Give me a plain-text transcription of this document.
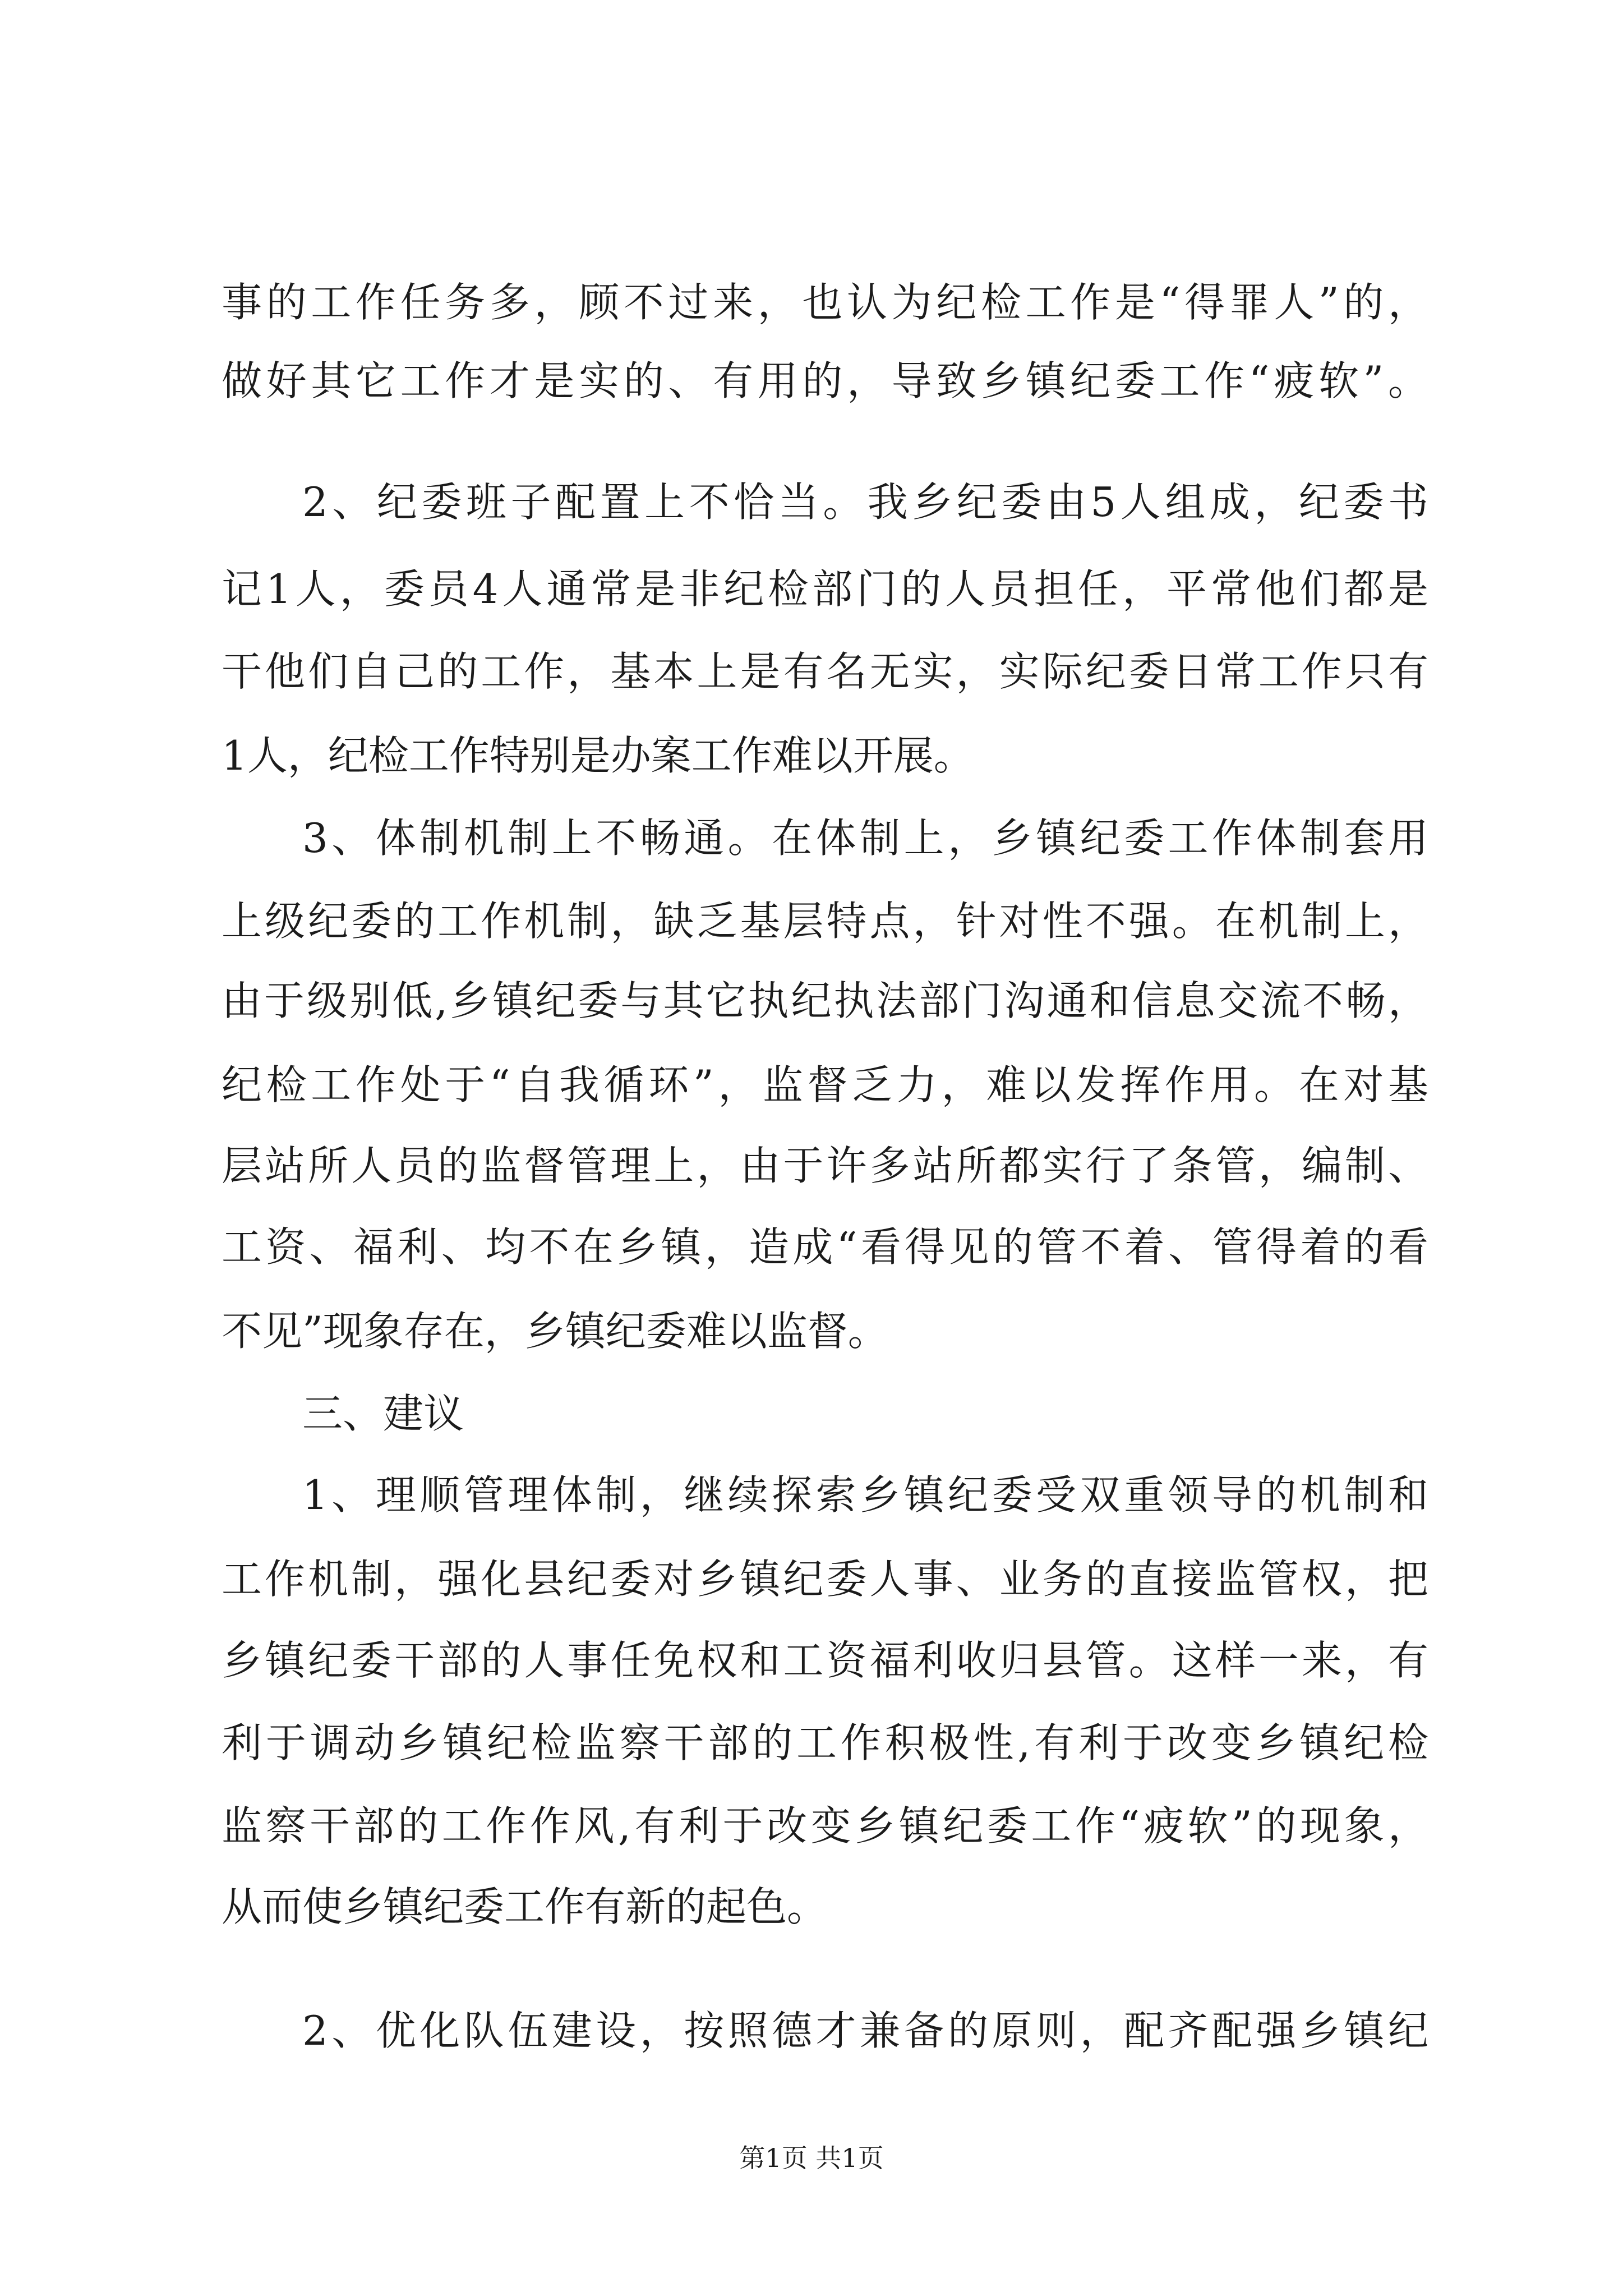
事的工作任务多，顾不过来，也认为纪检工作是“得罪人”的，
做好其它工作才是实的、有用的，导致乡镇纪委工作“疲软”。
2、纪委班子配置上不恰当。我乡纪委由5人组成，纪委书
记1人，委员4人通常是非纪检部门的人员担任，平常他们都是
干他们自己的工作，基本上是有名无实，实际纪委日常工作只有
1人，纪检工作特别是办案工作难以开展。
3、体制机制上不畅通。在体制上，乡镇纪委工作体制套用
上级纪委的工作机制，缺乏基层特点，针对性不强。在机制上，
由于级别低,乡镇纪委与其它执纪执法部门沟通和信息交流不畅，
纪检工作处于“自我循环”，监督乏力，难以发挥作用。在对基
层站所人员的监督管理上，由于许多站所都实行了条管，编制、
工资、福利、均不在乡镇，造成“看得见的管不着、管得着的看
不见”现象存在，乡镇纪委难以监督。
三、建议
1、理顺管理体制，继续探索乡镇纪委受双重领导的机制和
工作机制，强化县纪委对乡镇纪委人事、业务的直接监管权，把
乡镇纪委干部的人事任免权和工资福利收归县管。这样一来，有
利于调动乡镇纪检监察干部的工作积极性,有利于改变乡镇纪检
监察干部的工作作风,有利于改变乡镇纪委工作“疲软”的现象，
从而使乡镇纪委工作有新的起色。
2、优化队伍建设，按照德才兼备的原则，配齐配强乡镇纪
第1页 共1页
